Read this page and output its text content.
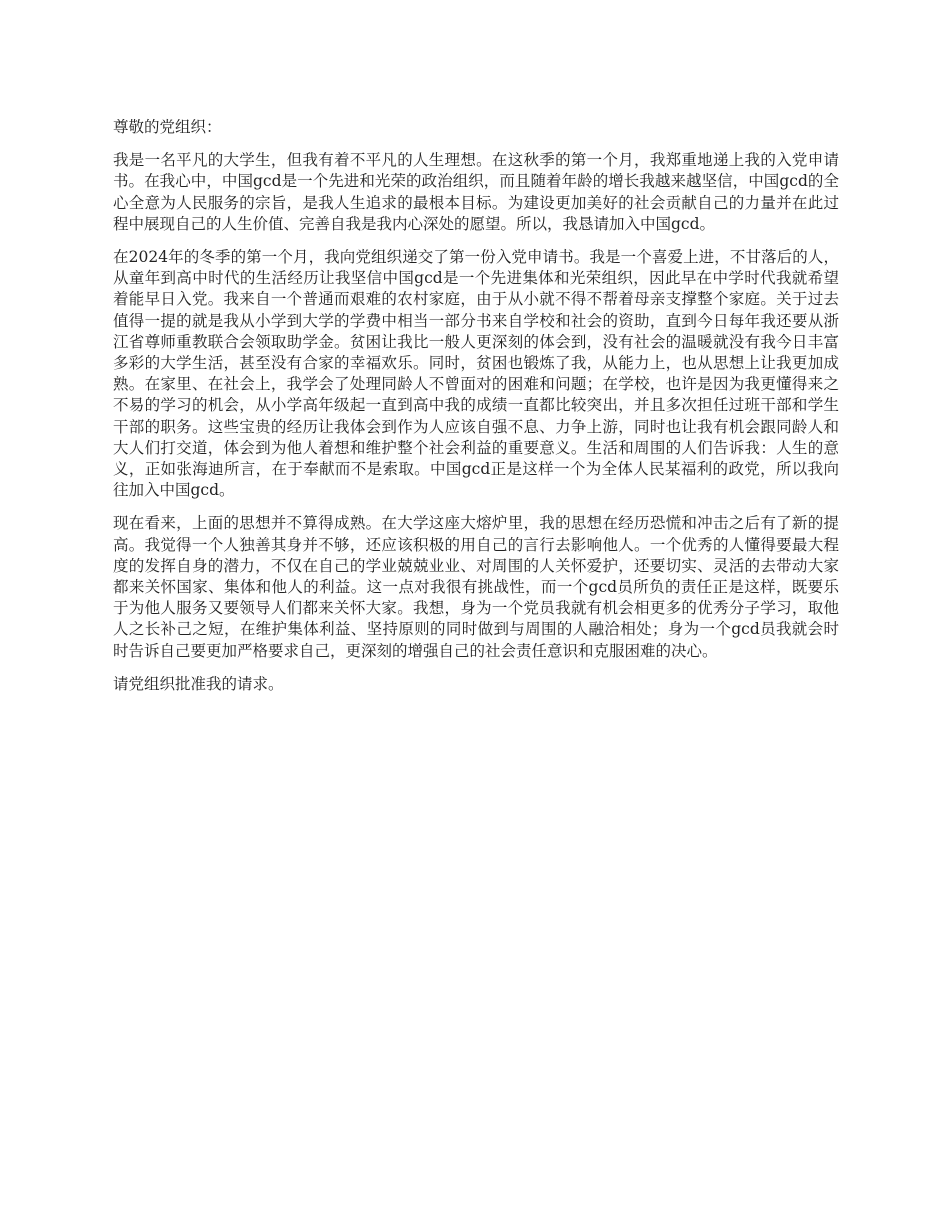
尊敬的党组织：

我是一名平凡的大学生，但我有着不平凡的人生理想。在这秋季的第一个月，我郑重地递上我的入党申请书。在我心中，中国gcd是一个先进和光荣的政治组织，而且随着年龄的增长我越来越坚信，中国gcd的全心全意为人民服务的宗旨，是我人生追求的最根本目标。为建设更加美好的社会贡献自己的力量并在此过程中展现自己的人生价值、完善自我是我内心深处的愿望。所以，我恳请加入中国gcd。

在2024年的冬季的第一个月，我向党组织递交了第一份入党申请书。我是一个喜爱上进，不甘落后的人，从童年到高中时代的生活经历让我坚信中国gcd是一个先进集体和光荣组织，因此早在中学时代我就希望着能早日入党。我来自一个普通而艰难的农村家庭，由于从小就不得不帮着母亲支撑整个家庭。关于过去值得一提的就是我从小学到大学的学费中相当一部分书来自学校和社会的资助，直到今日每年我还要从浙江省尊师重教联合会领取助学金。贫困让我比一般人更深刻的体会到，没有社会的温暖就没有我今日丰富多彩的大学生活，甚至没有合家的幸福欢乐。同时，贫困也锻炼了我，从能力上，也从思想上让我更加成熟。在家里、在社会上，我学会了处理同龄人不曾面对的困难和问题；在学校，也许是因为我更懂得来之不易的学习的机会，从小学高年级起一直到高中我的成绩一直都比较突出，并且多次担任过班干部和学生干部的职务。这些宝贵的经历让我体会到作为人应该自强不息、力争上游，同时也让我有机会跟同龄人和大人们打交道，体会到为他人着想和维护整个社会利益的重要意义。生活和周围的人们告诉我：人生的意义，正如张海迪所言，在于奉献而不是索取。中国gcd正是这样一个为全体人民某福利的政党，所以我向往加入中国gcd。

现在看来，上面的思想并不算得成熟。在大学这座大熔炉里，我的思想在经历恐慌和冲击之后有了新的提高。我觉得一个人独善其身并不够，还应该积极的用自己的言行去影响他人。一个优秀的人懂得要最大程度的发挥自身的潜力，不仅在自己的学业兢兢业业、对周围的人关怀爱护，还要切实、灵活的去带动大家都来关怀国家、集体和他人的利益。这一点对我很有挑战性，而一个gcd员所负的责任正是这样，既要乐于为他人服务又要领导人们都来关怀大家。我想，身为一个党员我就有机会相更多的优秀分子学习，取他人之长补己之短，在维护集体利益、坚持原则的同时做到与周围的人融洽相处；身为一个gcd员我就会时时告诉自己要更加严格要求自己，更深刻的增强自己的社会责任意识和克服困难的决心。

请党组织批准我的请求。
